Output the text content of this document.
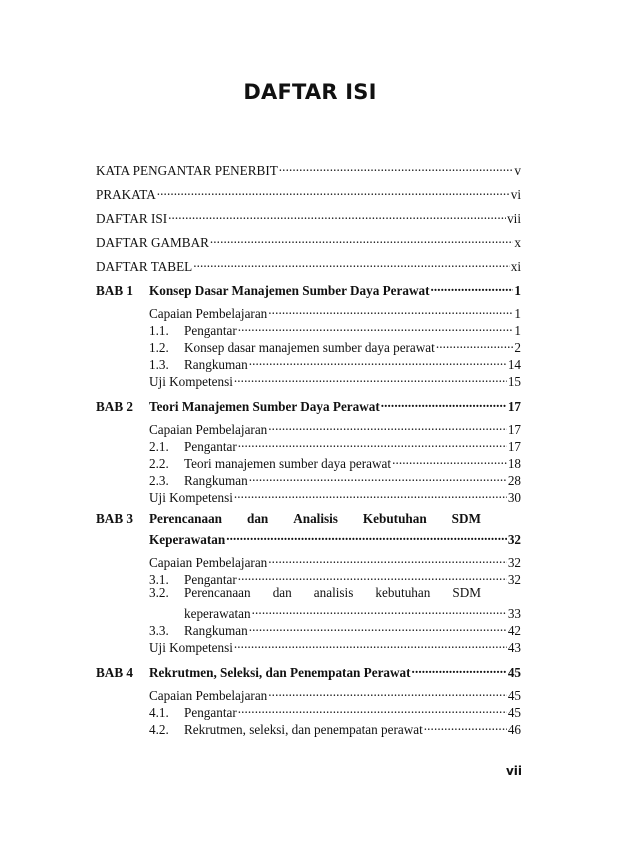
DAFTAR ISI
KATA PENGANTAR PENERBIT . . .	v
PRAKATA . . .	vi
DAFTAR ISI . . .	vii
DAFTAR GAMBAR . . .	x
DAFTAR TABEL . . .	xi
BAB 1	Konsep Dasar Manajemen Sumber Daya Perawat . . .	1
Capaian Pembelajaran . . .	1
1.1.	Pengantar . . .	1
1.2.	Konsep dasar manajemen sumber daya perawat . . .	2
1.3.	Rangkuman . . .	14
Uji Kompetensi . . .	15
BAB 2	Teori Manajemen Sumber Daya Perawat . . .	17
Capaian Pembelajaran . . .	17
2.1.	Pengantar . . .	17
2.2.	Teori manajemen sumber daya perawat . . .	18
2.3.	Rangkuman . . .	28
Uji Kompetensi . . .	30
BAB 3	Perencanaan dan Analisis Kebutuhan SDM
Keperawatan . . .	32
Capaian Pembelajaran . . .	32
3.1.	Pengantar . . .	32
3.2.	Perencanaan dan analisis kebutuhan SDM
keperawatan . . .	33
3.3.	Rangkuman . . .	42
Uji Kompetensi . . .	43
BAB 4	Rekrutmen, Seleksi, dan Penempatan Perawat . . .	45
Capaian Pembelajaran . . .	45
4.1.	Pengantar . . .	45
4.2.	Rekrutmen, seleksi, dan penempatan perawat . . .	46
vii
